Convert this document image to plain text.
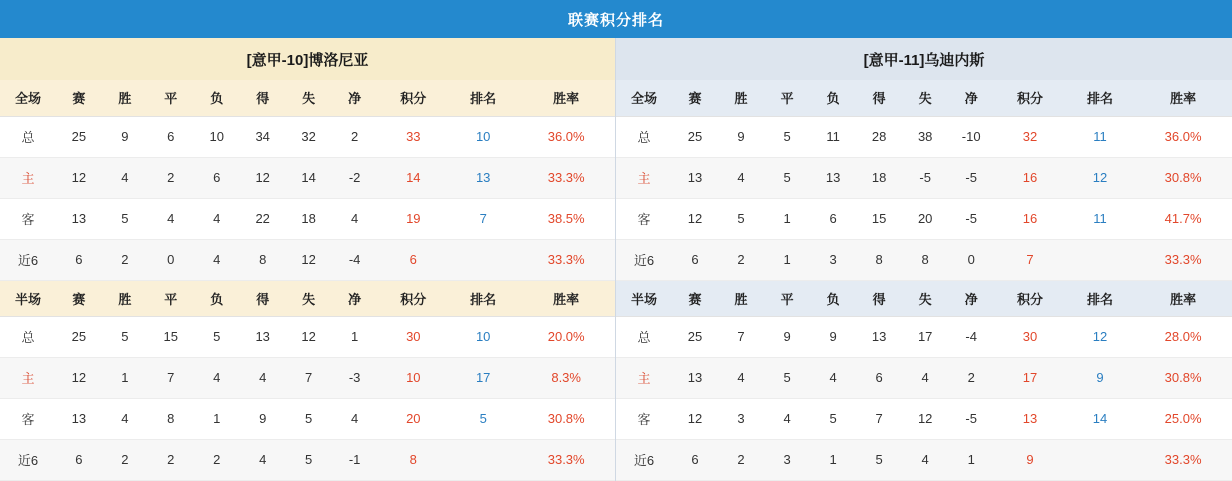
联赛积分排名
[意甲-10]博洛尼亚
全场	赛	胜	平	负	得	失	净	积分	排名	胜率
总	25	9	6	10	34	32	2	33	10	36.0%
主	12	4	2	6	12	14	-2	14	13	33.3%
客	13	5	4	4	22	18	4	19	7	38.5%
近6	6	2	0	4	8	12	-4	6		33.3%
半场	赛	胜	平	负	得	失	净	积分	排名	胜率
总	25	5	15	5	13	12	1	30	10	20.0%
主	12	1	7	4	4	7	-3	10	17	8.3%
客	13	4	8	1	9	5	4	20	5	30.8%
近6	6	2	2	2	4	5	-1	8		33.3%
[意甲-11]乌迪内斯
全场	赛	胜	平	负	得	失	净	积分	排名	胜率
总	25	9	5	11	28	38	-10	32	11	36.0%
主	13	4	5	13	18	-5	-5	16	12	30.8%
客	12	5	1	6	15	20	-5	16	11	41.7%
近6	6	2	1	3	8	8	0	7		33.3%
半场	赛	胜	平	负	得	失	净	积分	排名	胜率
总	25	7	9	9	13	17	-4	30	12	28.0%
主	13	4	5	4	6	4	2	17	9	30.8%
客	12	3	4	5	7	12	-5	13	14	25.0%
近6	6	2	3	1	5	4	1	9		33.3%
